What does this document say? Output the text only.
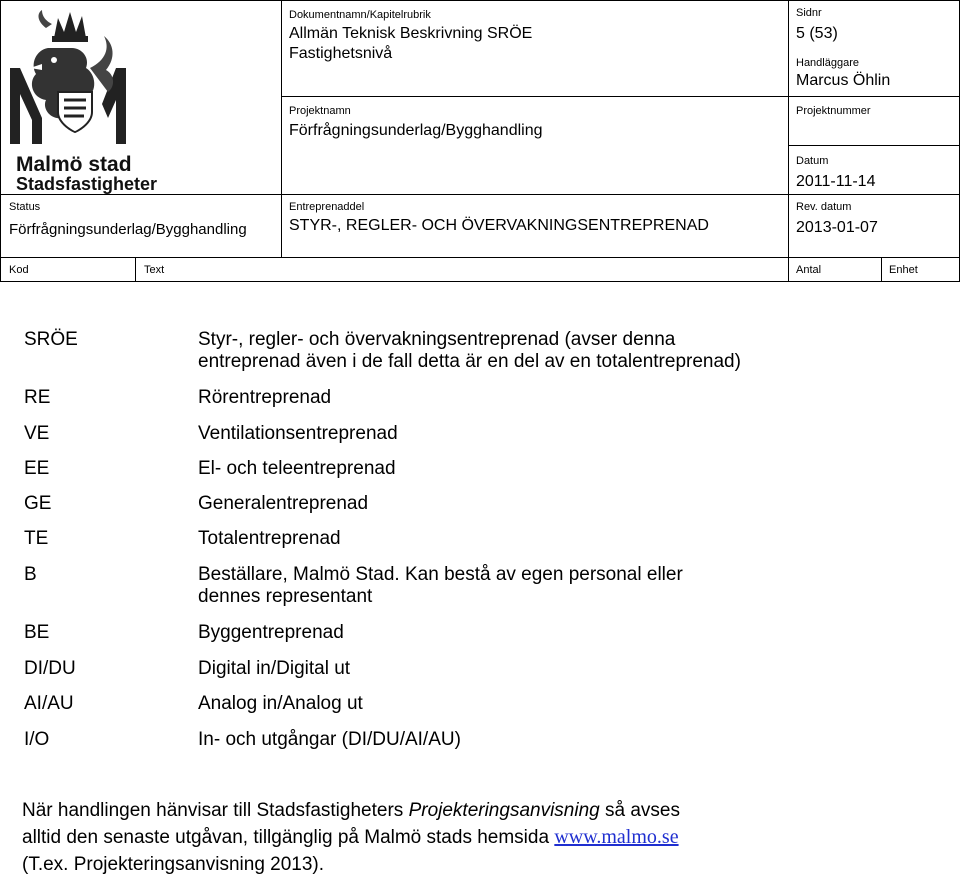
Malmö stad
Stadsfastigheter
Dokumentnamn/Kapitelrubrik
Allmän Teknisk Beskrivning SRÖE
Fastighetsnivå
Projektnamn
Förfrågningsunderlag/Bygghandling
Entreprenaddel
STYR-, REGLER- OCH ÖVERVAKNINGSENTREPRENAD
Sidnr
5 (53)
Handläggare
Marcus Öhlin
Projektnummer
Datum
2011-11-14
Rev. datum
2013-01-07
Status
Förfrågningsunderlag/Bygghandling
Kod	Text	Antal	Enhet
SRÖE	Styr-, regler- och övervakningsentreprenad (avser denna
entreprenad även i de fall detta är en del av en totalentreprenad)
RE	Rörentreprenad
VE	Ventilationsentreprenad
EE	El- och teleentreprenad
GE	Generalentreprenad
TE	Totalentreprenad
B	Beställare, Malmö Stad. Kan bestå av egen personal eller
dennes representant
BE	Byggentreprenad
DI/DU	Digital in/Digital ut
AI/AU	Analog in/Analog ut
I/O	In- och utgångar (DI/DU/AI/AU)
När handlingen hänvisar till Stadsfastigheters Projekteringsanvisning så avses
alltid den senaste utgåvan, tillgänglig på Malmö stads hemsida www.malmo.se
(T.ex. Projekteringsanvisning 2013).
